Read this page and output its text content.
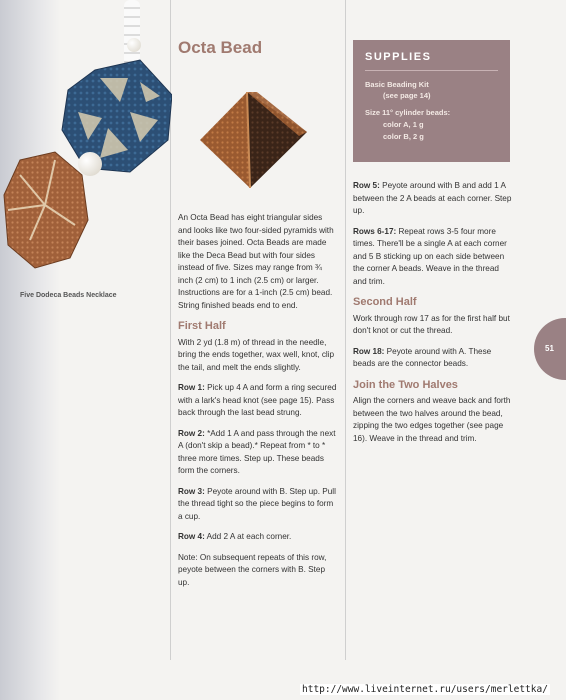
Five Dodeca Beads Necklace
Octa Bead

An Octa Bead has eight triangular sides and looks like two four-sided pyramids with their bases joined. Octa Beads are made like the Deca Bead but with four sides instead of five. Sizes may range from ¾ inch (2 cm) to 1 inch (2.5 cm) or larger. Instructions are for a 1-inch (2.5 cm) bead. String finished beads end to end.

First Half

With 2 yd (1.8 m) of thread in the needle, bring the ends together, wax well, knot, clip the tail, and melt the ends slightly.

Row 1: Pick up 4 A and form a ring secured with a lark's head knot (see page 15). Pass back through the last bead strung.

Row 2: *Add 1 A and pass through the next A (don't skip a bead).* Repeat from * to * three more times. Step up. These beads form the corners.

Row 3: Peyote around with B. Step up. Pull the thread tight so the piece begins to form a cup.

Row 4: Add 2 A at each corner.

Note: On subsequent repeats of this row, peyote between the corners with B. Step up.

SUPPLIES
Basic Beading Kit
(see page 14)
Size 11° cylinder beads:
color A, 1 g
color B, 2 g

Row 5: Peyote around with B and add 1 A between the 2 A beads at each corner. Step up.

Rows 6-17: Repeat rows 3-5 four more times. There'll be a single A at each corner and 5 B sticking up on each side between the corner A beads. Weave in the thread and trim.

Second Half

Work through row 17 as for the first half but don't knot or cut the thread.

Row 18: Peyote around with A. These beads are the connector beads.

Join the Two Halves

Align the corners and weave back and forth between the two halves around the bead, zipping the two edges together (see page 16). Weave in the thread and trim.

51
http://www.liveinternet.ru/users/merlettka/
